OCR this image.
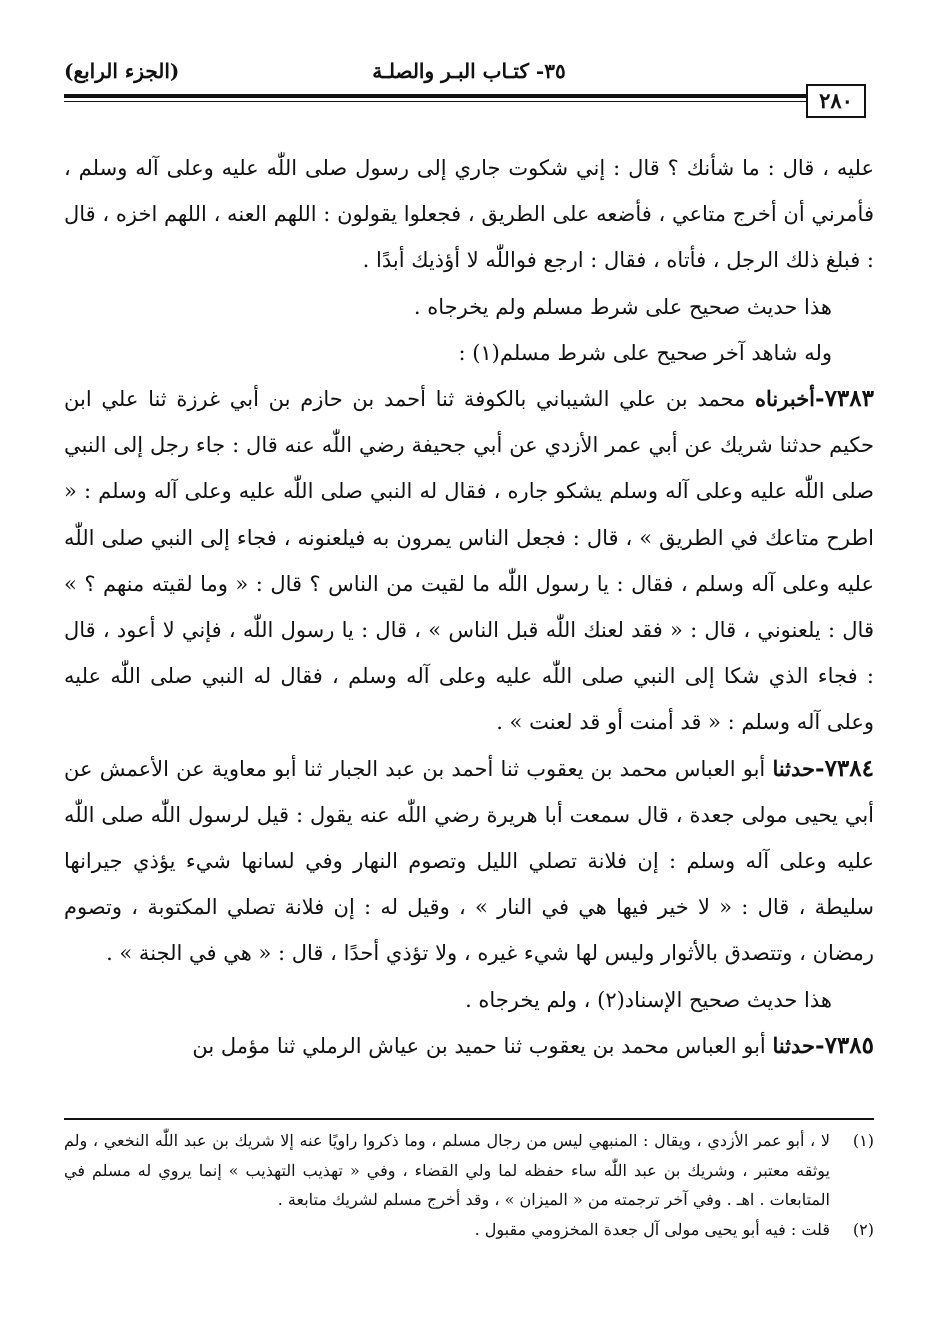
٣٥- كتـاب البـر والصلـة
(الجزء الرابع)
٢٨٠

عليه ، قال : ما شأنك ؟ قال : إني شكوت جاري إلى رسول صلى اللّٰه عليه وعلى آله وسلم ، فأمرني أن أخرج متاعي ، فأضعه على الطريق ، فجعلوا يقولون : اللهم العنه ، اللهم اخزه ، قال : فبلغ ذلك الرجل ، فأتاه ، فقال : ارجع فواللّٰه لا أؤذيك أبدًا .

هذا حديث صحيح على شرط مسلم ولم يخرجاه .

وله شاهد آخر صحيح على شرط مسلم(١) :

٧٣٨٣-أخبرناه محمد بن علي الشيباني بالكوفة ثنا أحمد بن حازم بن أبي غرزة ثنا علي ابن حكيم حدثنا شريك عن أبي عمر الأزدي عن أبي جحيفة رضي اللّٰه عنه قال : جاء رجل إلى النبي صلى اللّٰه عليه وعلى آله وسلم يشكو جاره ، فقال له النبي صلى اللّٰه عليه وعلى آله وسلم : « اطرح متاعك في الطريق » ، قال : فجعل الناس يمرون به فيلعنونه ، فجاء إلى النبي صلى اللّٰه عليه وعلى آله وسلم ، فقال : يا رسول اللّٰه ما لقيت من الناس ؟ قال : « وما لقيته منهم ؟ » قال : يلعنوني ، قال : « فقد لعنك اللّٰه قبل الناس » ، قال : يا رسول اللّٰه ، فإني لا أعود ، قال : فجاء الذي شكا إلى النبي صلى اللّٰه عليه وعلى آله وسلم ، فقال له النبي صلى اللّٰه عليه وعلى آله وسلم : « قد أمنت أو قد لعنت » .

٧٣٨٤-حدثنا أبو العباس محمد بن يعقوب ثنا أحمد بن عبد الجبار ثنا أبو معاوية عن الأعمش عن أبي يحيى مولى جعدة ، قال سمعت أبا هريرة رضي اللّٰه عنه يقول : قيل لرسول اللّٰه صلى اللّٰه عليه وعلى آله وسلم : إن فلانة تصلي الليل وتصوم النهار وفي لسانها شيء يؤذي جيرانها سليطة ، قال : « لا خير فيها هي في النار » ، وقيل له : إن فلانة تصلي المكتوبة ، وتصوم رمضان ، وتتصدق بالأثوار وليس لها شيء غيره ، ولا تؤذي أحدًا ، قال : « هي في الجنة » .

هذا حديث صحيح الإسناد(٢) ، ولم يخرجاه .

٧٣٨٥-حدثنا أبو العباس محمد بن يعقوب ثنا حميد بن عياش الرملي ثنا مؤمل بن

(١)
لا ، أبو عمر الأزدي ، ويقال : المنبهي ليس من رجال مسلم ، وما ذكروا راويًا عنه إلا شريك بن عبد اللّٰه النخعي ، ولم يوثقه معتبر ، وشريك بن عبد اللّٰه ساء حفظه لما ولي القضاء ، وفي « تهذيب التهذيب » إنما يروي له مسلم في المتابعات . اهـ . وفي آخر ترجمته من « الميزان » ، وقد أخرج مسلم لشريك متابعة .

(٢)
قلت : فيه أبو يحيى مولى آل جعدة المخزومي مقبول .
